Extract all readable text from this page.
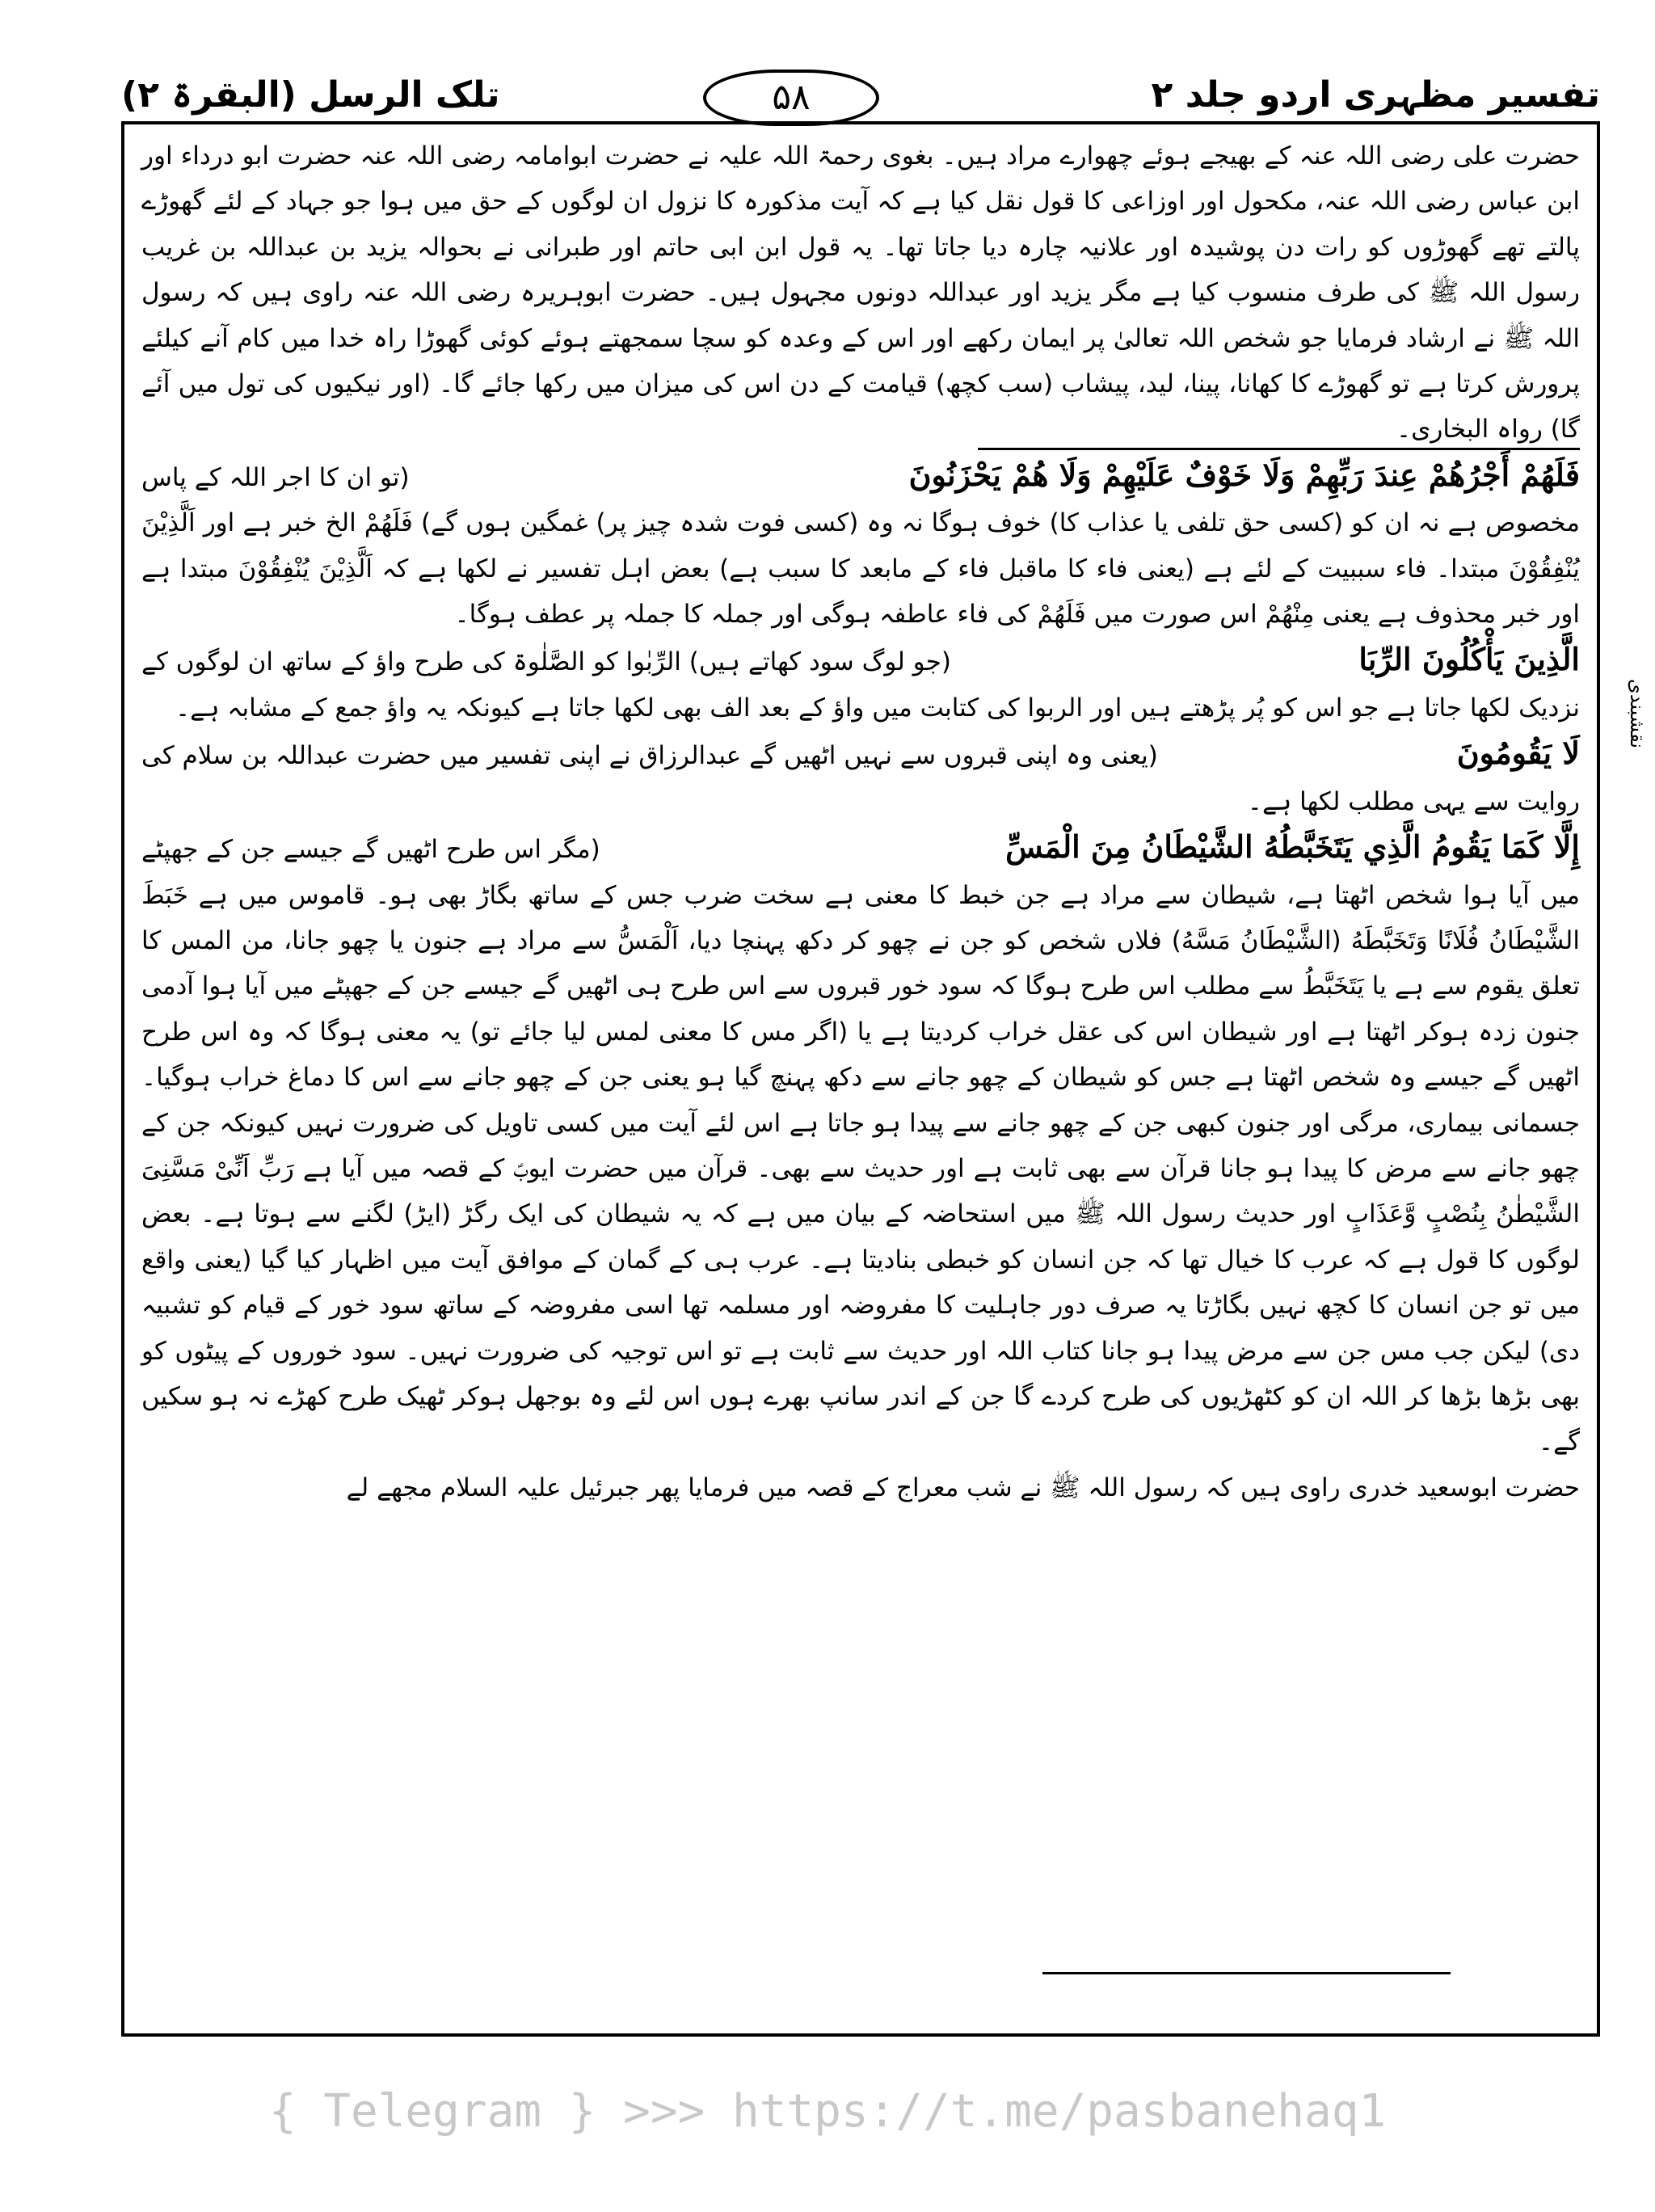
تفسیر مظہری اردو جلد ۲
۵۸
تلک الرسل (البقرۃ ۲)
نقشبندی

حضرت علی رضی اللہ عنہ کے بھیجے ہوئے چھوارے مراد ہیں۔ بغوی رحمۃ اللہ علیہ نے حضرت ابوامامہ رضی اللہ عنہ حضرت ابو درداء اور ابن عباس رضی اللہ عنہ، مکحول اور اوزاعی کا قول نقل کیا ہے کہ آیت مذکورہ کا نزول ان لوگوں کے حق میں ہوا جو جہاد کے لئے گھوڑے پالتے تھے گھوڑوں کو رات دن پوشیدہ اور علانیہ چارہ دیا جاتا تھا۔ یہ قول ابن ابی حاتم اور طبرانی نے بحوالہ یزید بن عبداللہ بن غریب رسول اللہ ﷺ کی طرف منسوب کیا ہے مگر یزید اور عبداللہ دونوں مجہول ہیں۔ حضرت ابوہریرہ رضی اللہ عنہ راوی ہیں کہ رسول اللہ ﷺ نے ارشاد فرمایا جو شخص اللہ تعالیٰ پر ایمان رکھے اور اس کے وعدہ کو سچا سمجھتے ہوئے کوئی گھوڑا راہ خدا میں کام آنے کیلئے پرورش کرتا ہے تو گھوڑے کا کھانا، پینا، لید، پیشاب (سب کچھ) قیامت کے دن اس کی میزان میں رکھا جائے گا۔ (اور نیکیوں کی تول میں آئے گا) رواہ البخاری۔

فَلَهُمْ أَجْرُهُمْ عِندَ رَبِّهِمْ وَلَا خَوْفٌ عَلَيْهِمْ وَلَا هُمْ يَحْزَنُونَ
(تو ان کا اجر اللہ کے پاس

مخصوص ہے نہ ان کو (کسی حق تلفی یا عذاب کا) خوف ہوگا نہ وہ (کسی فوت شدہ چیز پر) غمگین ہوں گے) فَلَهُمْ الخ خبر ہے اور اَلَّذِيْنَ يُنْفِقُوْنَ مبتدا۔ فاء سببیت کے لئے ہے (یعنی فاء کا ماقبل فاء کے مابعد کا سبب ہے) بعض اہل تفسیر نے لکھا ہے کہ اَلَّذِيْنَ يُنْفِقُوْنَ مبتدا ہے اور خبر محذوف ہے یعنی مِنْهُمْ اس صورت میں فَلَهُمْ کی فاء عاطفہ ہوگی اور جملہ کا جملہ پر عطف ہوگا۔

الَّذِينَ يَأْكُلُونَ الرِّبَا
(جو لوگ سود کھاتے ہیں) الرِّبٰوا کو الصَّلٰوۃ کی طرح واؤ کے ساتھ ان لوگوں کے

نزدیک لکھا جاتا ہے جو اس کو پُر پڑھتے ہیں اور الربوا کی کتابت میں واؤ کے بعد الف بھی لکھا جاتا ہے کیونکہ یہ واؤ جمع کے مشابہ ہے۔

لَا يَقُومُونَ
(یعنی وہ اپنی قبروں سے نہیں اٹھیں گے عبدالرزاق نے اپنی تفسیر میں حضرت عبداللہ بن سلام کی

روایت سے یہی مطلب لکھا ہے۔

إِلَّا كَمَا يَقُومُ الَّذِي يَتَخَبَّطُهُ الشَّيْطَانُ مِنَ الْمَسِّ
(مگر اس طرح اٹھیں گے جیسے جن کے جھپٹے

میں آیا ہوا شخص اٹھتا ہے، شیطان سے مراد ہے جن خبط کا معنی ہے سخت ضرب جس کے ساتھ بگاڑ بھی ہو۔ قاموس میں ہے خَبَطَ الشَّيْطَانُ فُلَانًا وَتَخَبَّطَهُ (الشَّيْطَانُ مَسَّهُ) فلاں شخص کو جن نے چھو کر دکھ پہنچا دیا، اَلْمَسُّ سے مراد ہے جنون یا چھو جانا، من المس کا تعلق یقوم سے ہے یا يَتَخَبَّطُ سے مطلب اس طرح ہوگا کہ سود خور قبروں سے اس طرح ہی اٹھیں گے جیسے جن کے جھپٹے میں آیا ہوا آدمی جنون زدہ ہوکر اٹھتا ہے اور شیطان اس کی عقل خراب کردیتا ہے یا (اگر مس کا معنی لمس لیا جائے تو) یہ معنی ہوگا کہ وہ اس طرح اٹھیں گے جیسے وہ شخص اٹھتا ہے جس کو شیطان کے چھو جانے سے دکھ پہنچ گیا ہو یعنی جن کے چھو جانے سے اس کا دماغ خراب ہوگیا۔ جسمانی بیماری، مرگی اور جنون کبھی جن کے چھو جانے سے پیدا ہو جاتا ہے اس لئے آیت میں کسی تاویل کی ضرورت نہیں کیونکہ جن کے چھو جانے سے مرض کا پیدا ہو جانا قرآن سے بھی ثابت ہے اور حدیث سے بھی۔ قرآن میں حضرت ایوبؑ کے قصہ میں آیا ہے رَبِّ اَنِّیْ مَسَّنِیَ الشَّیْطٰنُ بِنُصْبٍ وَّعَذَابٍ اور حدیث رسول اللہ ﷺ میں استحاضہ کے بیان میں ہے کہ یہ شیطان کی ایک رگڑ (ایڑ) لگنے سے ہوتا ہے۔ بعض لوگوں کا قول ہے کہ عرب کا خیال تھا کہ جن انسان کو خبطی بنادیتا ہے۔ عرب ہی کے گمان کے موافق آیت میں اظہار کیا گیا (یعنی واقع میں تو جن انسان کا کچھ نہیں بگاڑتا یہ صرف دور جاہلیت کا مفروضہ اور مسلمہ تھا اسی مفروضہ کے ساتھ سود خور کے قیام کو تشبیہ دی) لیکن جب مس جن سے مرض پیدا ہو جانا کتاب اللہ اور حدیث سے ثابت ہے تو اس توجیہ کی ضرورت نہیں۔ سود خوروں کے پیٹوں کو بھی بڑھا بڑھا کر اللہ ان کو کٹھڑیوں کی طرح کردے گا جن کے اندر سانپ بھرے ہوں اس لئے وہ بوجھل ہوکر ٹھیک طرح کھڑے نہ ہو سکیں گے۔

حضرت ابوسعید خدری راوی ہیں کہ رسول اللہ ﷺ نے شب معراج کے قصہ میں فرمایا پھر جبرئیل علیہ السلام مجھے لے

{ Telegram } >>> https://t.me/pasbanehaq1
